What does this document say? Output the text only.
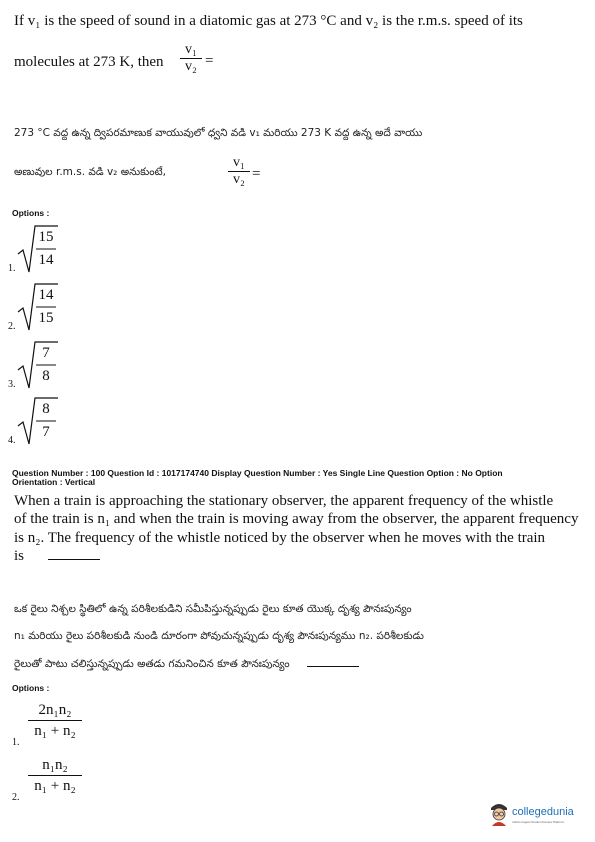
If v₁ is the speed of sound in a diatomic gas at 273 °C and v₂ is the r.m.s. speed of its
molecules at 273 K, then
v₁
v₂ =
273 °C వద్ద ఉన్న ద్విపరమాణుక వాయువులో ధ్వని వడి v₁ మరియు 273 K వద్ద ఉన్న అదే వాయు
అణువుల r.m.s. వడి v₂ అనుకుంటే,
v₁
v₂ =
Options :
1.
15
14
2.
14
15
3.
7
8
4.
8
7
Question Number : 100 Question Id : 1017174740 Display Question Number : Yes Single Line Question Option : No Option
Orientation : Vertical
When a train is approaching the stationary observer, the apparent frequency of the whistle
of the train is n₁ and when the train is moving away from the observer, the apparent frequency
is n₂. The frequency of the whistle noticed by the observer when he moves with the train
is
ఒక రైలు నిశ్చల స్థితిలో ఉన్న పరిశీలకుడిని సమీపిస్తున్నప్పుడు రైలు కూత యొక్క దృశ్య పౌనఃపున్యం
n₁ మరియు రైలు పరిశీలకుడి నుండి దూరంగా పోవుచున్నప్పుడు దృశ్య పౌనఃపున్యము n₂. పరిశీలకుడు
రైలుతో పాటు చలిస్తున్నప్పుడు అతడు గమనించిన కూత పౌనఃపున్యం
Options :
1.
2n₁n₂
n₁ + n₂
2.
n₁n₂
n₁ + n₂
collegedunia
India's largest Student Review Platform
